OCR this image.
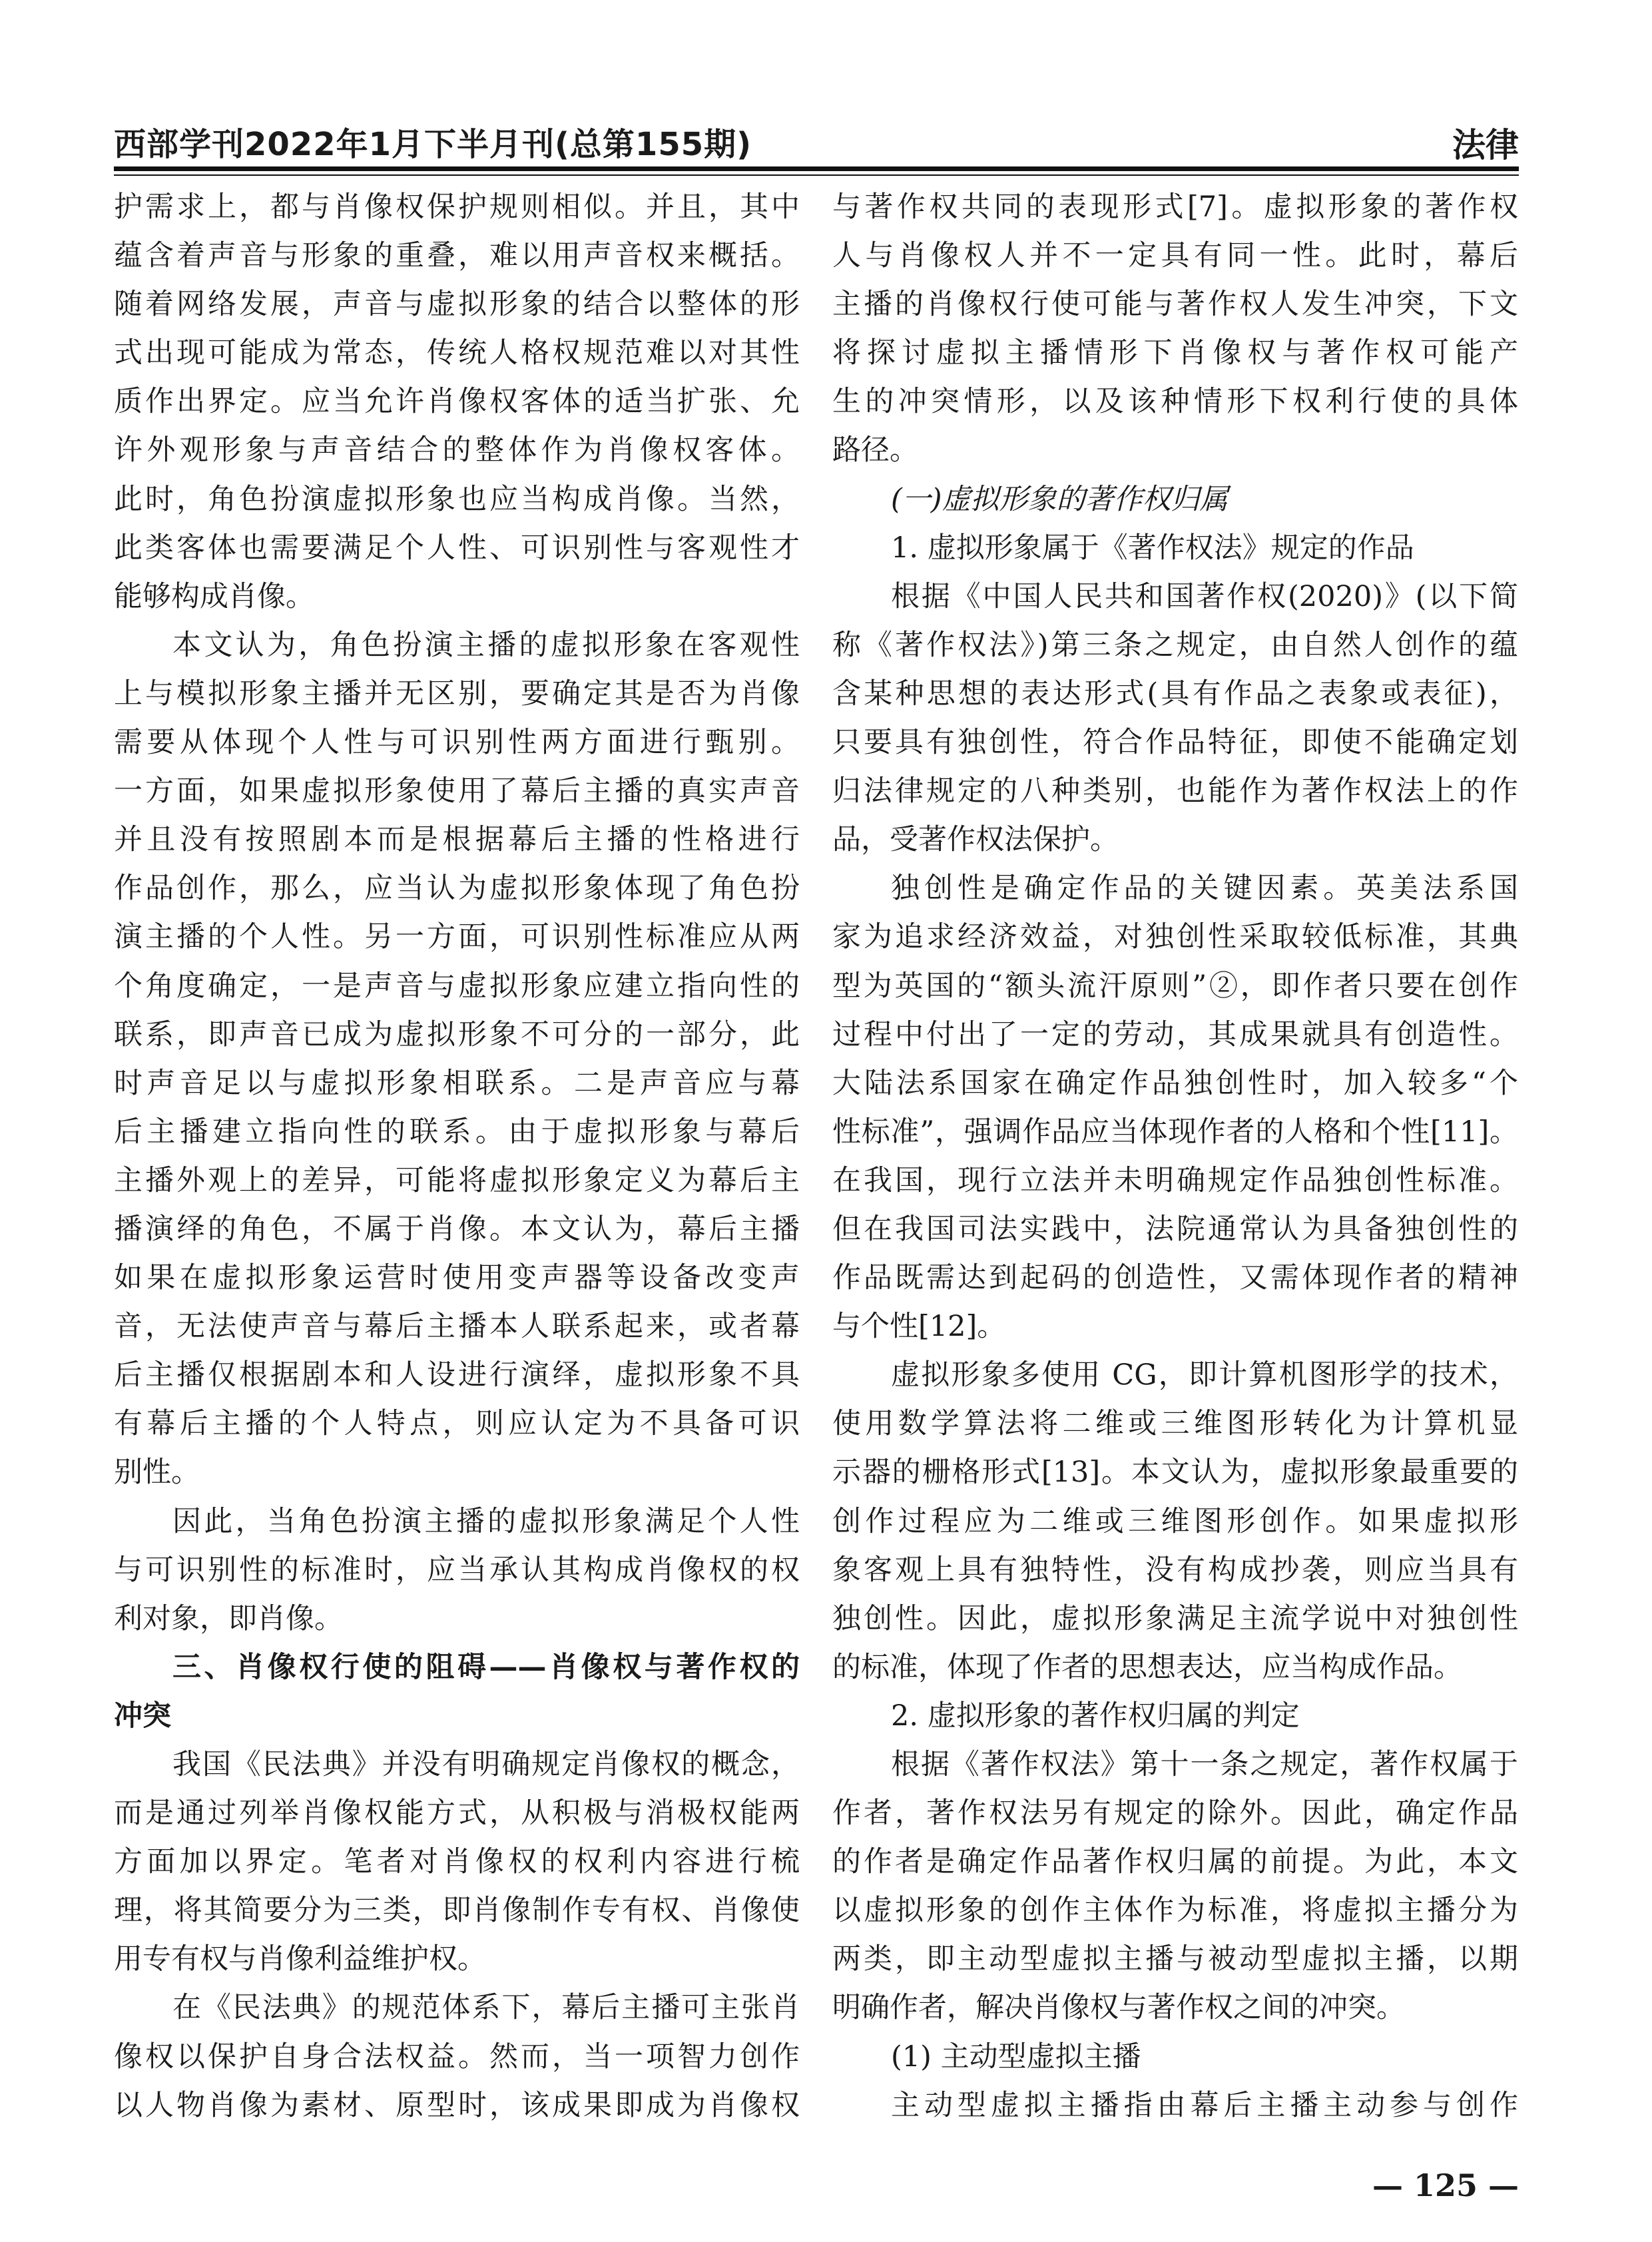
西部学刊2022年1月下半月刊(总第155期)	法律
护需求上，都与肖像权保护规则相似。并且，其中
蕴含着声音与形象的重叠，难以用声音权来概括。
随着网络发展，声音与虚拟形象的结合以整体的形
式出现可能成为常态，传统人格权规范难以对其性
质作出界定。应当允许肖像权客体的适当扩张、允
许外观形象与声音结合的整体作为肖像权客体。
此时，角色扮演虚拟形象也应当构成肖像。当然，
此类客体也需要满足个人性、可识别性与客观性才
能够构成肖像。
本文认为，角色扮演主播的虚拟形象在客观性
上与模拟形象主播并无区别，要确定其是否为肖像
需要从体现个人性与可识别性两方面进行甄别。
一方面，如果虚拟形象使用了幕后主播的真实声音
并且没有按照剧本而是根据幕后主播的性格进行
作品创作，那么，应当认为虚拟形象体现了角色扮
演主播的个人性。另一方面，可识别性标准应从两
个角度确定，一是声音与虚拟形象应建立指向性的
联系，即声音已成为虚拟形象不可分的一部分，此
时声音足以与虚拟形象相联系。二是声音应与幕
后主播建立指向性的联系。由于虚拟形象与幕后
主播外观上的差异，可能将虚拟形象定义为幕后主
播演绎的角色，不属于肖像。本文认为，幕后主播
如果在虚拟形象运营时使用变声器等设备改变声
音，无法使声音与幕后主播本人联系起来，或者幕
后主播仅根据剧本和人设进行演绎，虚拟形象不具
有幕后主播的个人特点，则应认定为不具备可识
别性。
因此，当角色扮演主播的虚拟形象满足个人性
与可识别性的标准时，应当承认其构成肖像权的权
利对象，即肖像。
三、肖像权行使的阻碍——肖像权与著作权的
冲突
我国《民法典》并没有明确规定肖像权的概念，
而是通过列举肖像权能方式，从积极与消极权能两
方面加以界定。笔者对肖像权的权利内容进行梳
理，将其简要分为三类，即肖像制作专有权、肖像使
用专有权与肖像利益维护权。
在《民法典》的规范体系下，幕后主播可主张肖
像权以保护自身合法权益。然而，当一项智力创作
以人物肖像为素材、原型时，该成果即成为肖像权
与著作权共同的表现形式[7]。虚拟形象的著作权
人与肖像权人并不一定具有同一性。此时，幕后
主播的肖像权行使可能与著作权人发生冲突，下文
将探讨虚拟主播情形下肖像权与著作权可能产
生的冲突情形，以及该种情形下权利行使的具体
路径。
(一)虚拟形象的著作权归属
1. 虚拟形象属于《著作权法》规定的作品
根据《中国人民共和国著作权(2020)》(以下简
称《著作权法》)第三条之规定，由自然人创作的蕴
含某种思想的表达形式(具有作品之表象或表征)，
只要具有独创性，符合作品特征，即使不能确定划
归法律规定的八种类别，也能作为著作权法上的作
品，受著作权法保护。
独创性是确定作品的关键因素。英美法系国
家为追求经济效益，对独创性采取较低标准，其典
型为英国的“额头流汗原则”②，即作者只要在创作
过程中付出了一定的劳动，其成果就具有创造性。
大陆法系国家在确定作品独创性时，加入较多“个
性标准”，强调作品应当体现作者的人格和个性[11]。
在我国，现行立法并未明确规定作品独创性标准。
但在我国司法实践中，法院通常认为具备独创性的
作品既需达到起码的创造性，又需体现作者的精神
与个性[12]。
虚拟形象多使用 CG，即计算机图形学的技术，
使用数学算法将二维或三维图形转化为计算机显
示器的栅格形式[13]。本文认为，虚拟形象最重要的
创作过程应为二维或三维图形创作。如果虚拟形
象客观上具有独特性，没有构成抄袭，则应当具有
独创性。因此，虚拟形象满足主流学说中对独创性
的标准，体现了作者的思想表达，应当构成作品。
2. 虚拟形象的著作权归属的判定
根据《著作权法》第十一条之规定，著作权属于
作者，著作权法另有规定的除外。因此，确定作品
的作者是确定作品著作权归属的前提。为此，本文
以虚拟形象的创作主体作为标准，将虚拟主播分为
两类，即主动型虚拟主播与被动型虚拟主播，以期
明确作者，解决肖像权与著作权之间的冲突。
(1) 主动型虚拟主播
主动型虚拟主播指由幕后主播主动参与创作
— 125 —
